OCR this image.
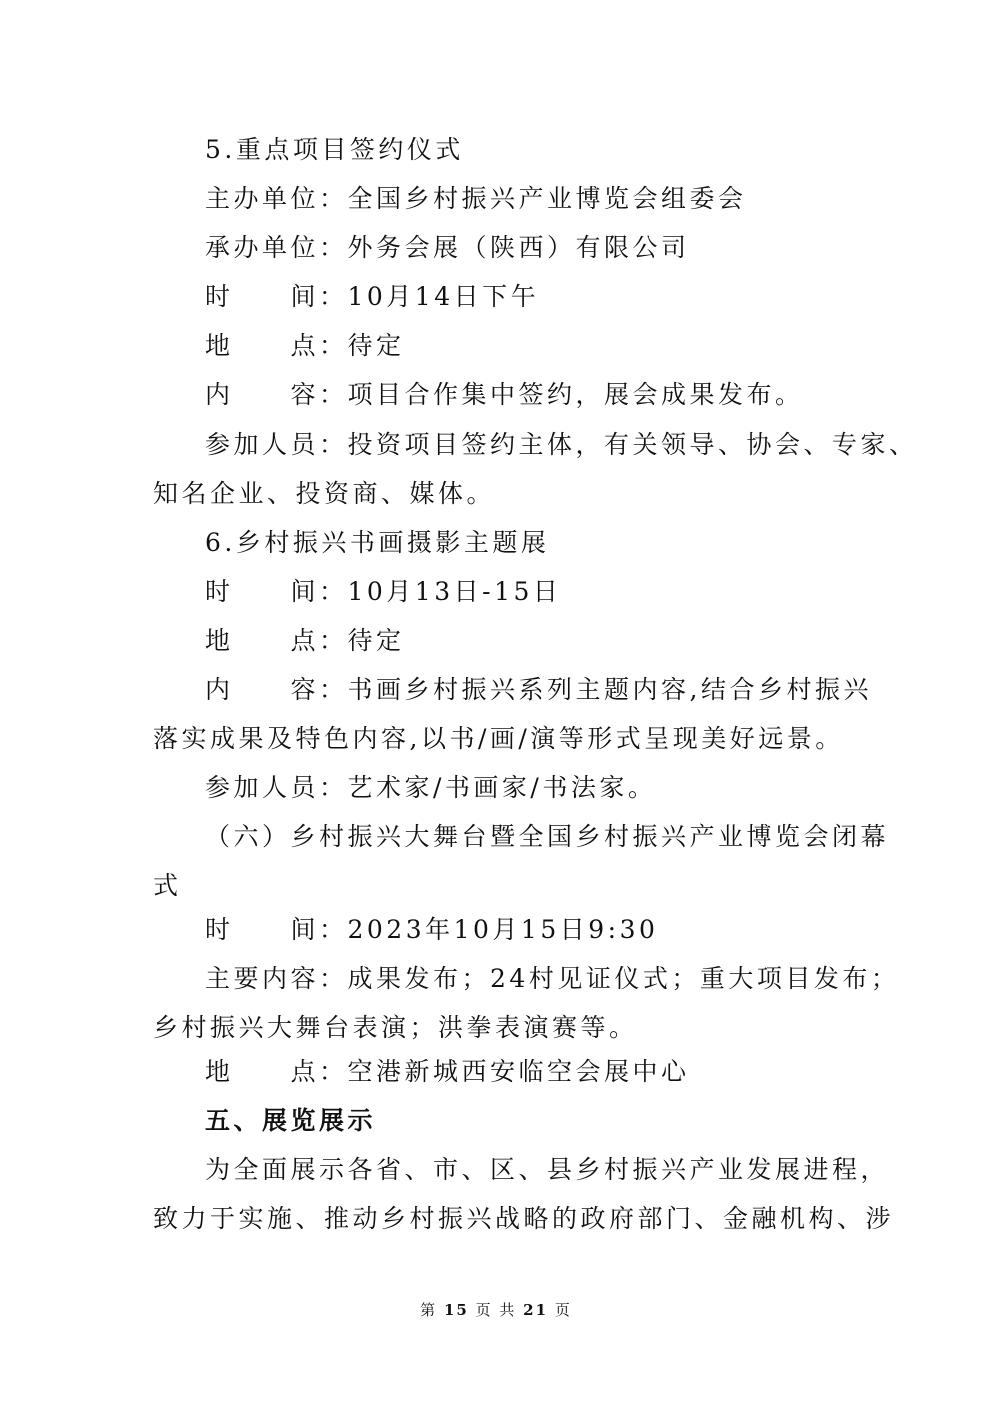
5.重点项目签约仪式
主办单位：全国乡村振兴产业博览会组委会
承办单位：外务会展（陕西）有限公司
时　　间：10月14日下午
地　　点：待定
内　　容：项目合作集中签约，展会成果发布。
参加人员：投资项目签约主体，有关领导、协会、专家、
知名企业、投资商、媒体。
6.乡村振兴书画摄影主题展
时　　间：10月13日-15日
地　　点：待定
内　　容：书画乡村振兴系列主题内容,结合乡村振兴
落实成果及特色内容,以书/画/演等形式呈现美好远景。
参加人员：艺术家/书画家/书法家。
（六）乡村振兴大舞台暨全国乡村振兴产业博览会闭幕
式
时　　间：2023年10月15日9:30
主要内容：成果发布；24村见证仪式；重大项目发布；
乡村振兴大舞台表演；洪拳表演赛等。
地　　点：空港新城西安临空会展中心
五、展览展示
为全面展示各省、市、区、县乡村振兴产业发展进程，
致力于实施、推动乡村振兴战略的政府部门、金融机构、涉
第 15 页 共 21 页
